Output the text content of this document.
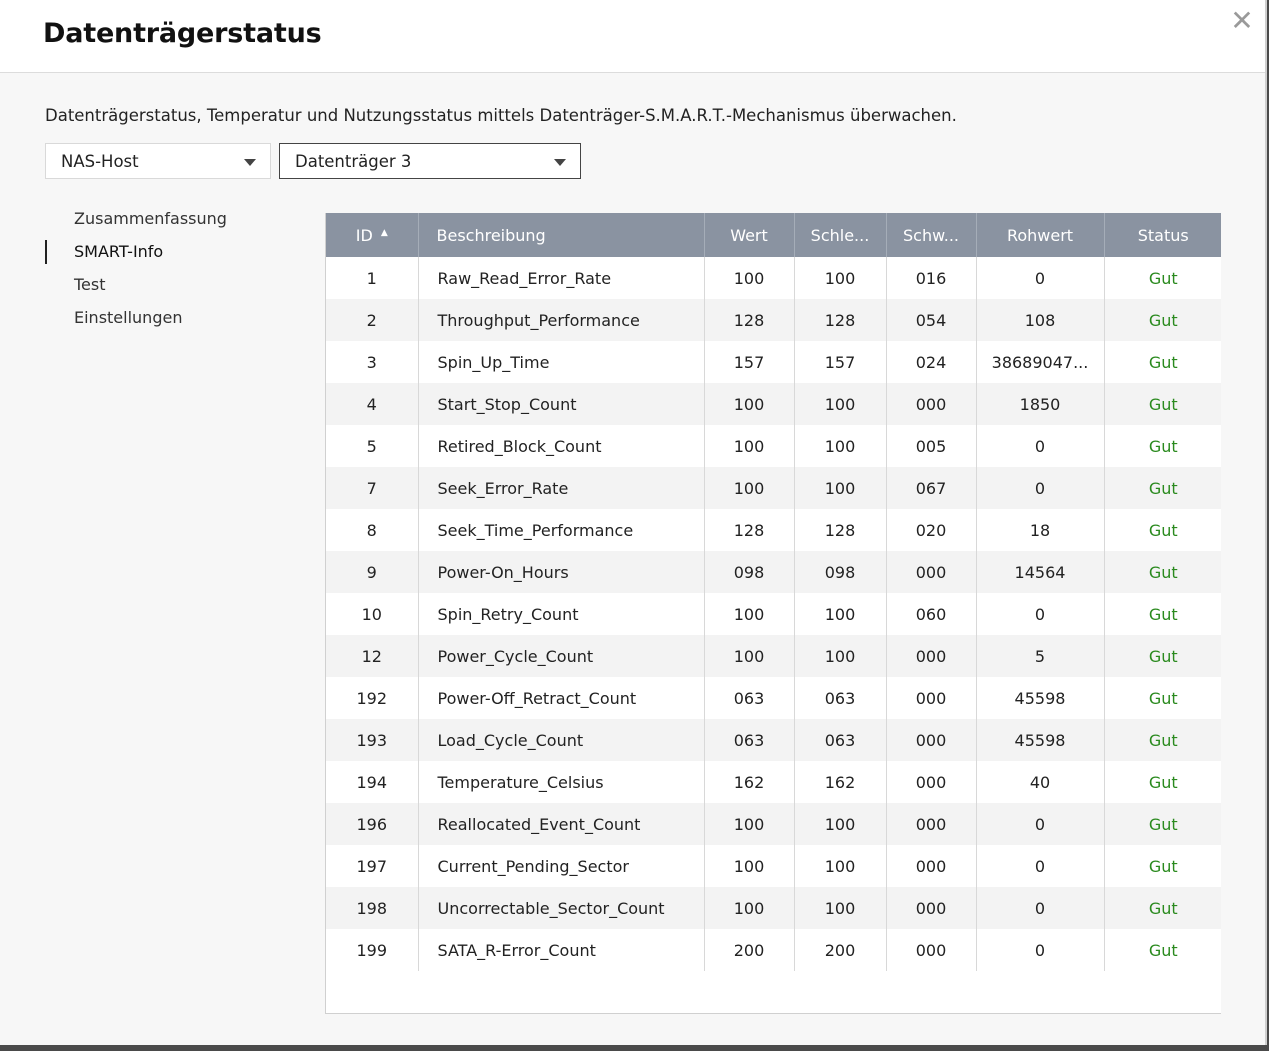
Datenträgerstatus	✕
Datenträgerstatus, Temperatur und Nutzungsstatus mittels Datenträger-S.M.A.R.T.-Mechanismus überwachen.
NAS-Host	Datenträger 3
Zusammenfassung
SMART-Info
Test
Einstellungen
ID ▲	Beschreibung	Wert	Schle...	Schw...	Rohwert	Status
1	Raw_Read_Error_Rate	100	100	016	0	Gut
2	Throughput_Performance	128	128	054	108	Gut
3	Spin_Up_Time	157	157	024	38689047...	Gut
4	Start_Stop_Count	100	100	000	1850	Gut
5	Retired_Block_Count	100	100	005	0	Gut
7	Seek_Error_Rate	100	100	067	0	Gut
8	Seek_Time_Performance	128	128	020	18	Gut
9	Power-On_Hours	098	098	000	14564	Gut
10	Spin_Retry_Count	100	100	060	0	Gut
12	Power_Cycle_Count	100	100	000	5	Gut
192	Power-Off_Retract_Count	063	063	000	45598	Gut
193	Load_Cycle_Count	063	063	000	45598	Gut
194	Temperature_Celsius	162	162	000	40	Gut
196	Reallocated_Event_Count	100	100	000	0	Gut
197	Current_Pending_Sector	100	100	000	0	Gut
198	Uncorrectable_Sector_Count	100	100	000	0	Gut
199	SATA_R-Error_Count	200	200	000	0	Gut
